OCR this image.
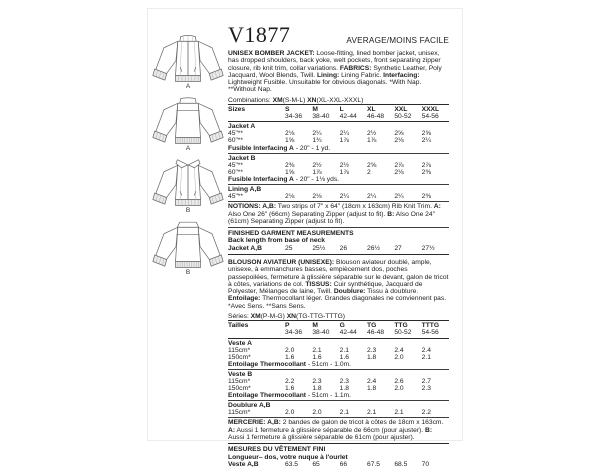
A
A
B
B
V1877	AVERAGE/MOINS FACILE

UNISEX BOMBER JACKET: Loose-fitting, lined bomber jacket, unisex, has dropped shoulders, back yoke, welt pockets, front separating zipper closure, rib knit trim, collar variations. FABRICS: Synthetic Leather, Poly Jacquard, Wool Blends, Twill. Lining: Lining Fabric. Interfacing: Lightweight Fusible. Unsuitable for obvious diagonals. *With Nap. **Without Nap.

Combinations: XM(S-M-L) XN(XL-XXL-XXXL)

Sizes	S	M	L	XL	XXL	XXXL
	34-36	38-40	42-44	46-48	50-52	54-56
Jacket A						
45"**	2⅛	2¼	2¼	2½	2⅝	2⅝
60"**	1⅝	1¾	1⅞	1⅞	2⅛	2¼
Fusible Interfacing A - 20" - 1 yd.						
Jacket B						
45"**	2⅜	2½	2½	2⅝	2⅞	2⅞
60"**	1⅝	1⅞	1⅞	2	2⅛	2⅜
Fusible Interfacing A - 20" - 1⅛ yds.						
Lining A,B						
45"**	2⅛	2⅛	2¼	2¼	2¼	2⅜

NOTIONS: A,B: Two strips of 7" x 64" (18cm x 163cm) Rib Knit Trim. A: Also One 26" (66cm) Separating Zipper (adjust to fit). B: Also One 24" (61cm) Separating Zipper (adjust to fit).

FINISHED GARMENT MEASUREMENTS
Back length from base of neck
Jacket A,B	25	25½	26	26½	27	27½

BLOUSON AVIATEUR (UNISEXE): Blouson aviateur doublé, ample, unisexe, à emmanchures basses, empiècement dos, poches passepoilées, fermeture à glissière séparable sur le devant, galon de tricot à côtes, variations de col. TISSUS: Cuir synthétique, Jacquard de Polyester, Mélanges de laine, Twill. Doublure: Tissu à doublure. Entoilage: Thermocollant léger. Grandes diagonales ne conviennent pas. *Avec Sens. **Sans Sens.

Séries: XM(P-M-G) XN(TG-TTG-TTTG)

Tailles	P	M	G	TG	TTG	TTTG
	34-36	38-40	42-44	46-48	50-52	54-56
Veste A						
115cm*	2.0	2.1	2.1	2.3	2.4	2.4
150cm*	1.6	1.6	1.6	1.8	2.0	2.1
Entoilage Thermocollant - 51cm - 1.0m.						
Veste B						
115cm*	2.2	2.3	2.3	2.4	2.6	2.7
150cm*	1.6	1.8	1.8	1.8	2.0	2.3
Entoilage Thermocollant - 51cm - 1.1m.						
Doublure A,B						
115cm*	2.0	2.0	2.1	2.1	2.1	2.2

MERCERIE: A,B: 2 bandes de galon de tricot à côtes de 18cm x 163cm. A: Aussi 1 fermeture à glissière séparable de 66cm (pour ajuster). B: Aussi 1 fermeture à glissière séparable de 61cm (pour ajuster).

MESURES DU VÊTEMENT FINI
Longueur– dos, votre nuque à l'ourlet
Veste A,B	63.5	65	66	67.5	68.5	70
